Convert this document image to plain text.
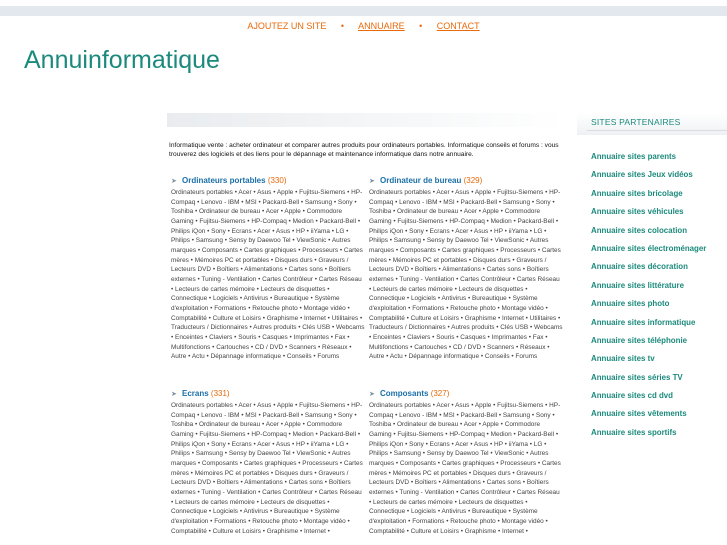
AJOUTEZ UN SITE • ANNUAIRE • CONTACT
Annuinformatique

Informatique vente : acheter ordinateur et comparer autres produits pour ordinateurs portables. Informatique conseils et forums : vous trouverez des logiciels et des liens pour le dépannage et maintenance informatique dans notre annuaire.

➤ Ordinateurs portables (330)
Ordinateurs portables • Acer • Asus • Apple • Fujitsu-Siemens • HP-Compaq • Lenovo - IBM • MSI • Packard-Bell • Samsung • Sony • Toshiba • Ordinateur de bureau • Acer • Apple • Commodore Gaming • Fujitsu-Siemens • HP-Compaq • Medion • Packard-Bell • Philips iQon • Sony • Ecrans • Acer • Asus • HP • iiYama • LG • Philips • Samsung • Sensy by Daewoo Tel • ViewSonic • Autres marques • Composants • Cartes graphiques • Processeurs • Cartes mères • Mémoires PC et portables • Disques durs • Graveurs / Lecteurs DVD • Boîtiers • Alimentations • Cartes sons • Boîtiers externes • Tuning - Ventilation • Cartes Contrôleur • Cartes Réseau • Lecteurs de cartes mémoire • Lecteurs de disquettes • Connectique • Logiciels • Antivirus • Bureautique • Système d'exploitation • Formations • Retouche photo • Montage vidéo • Comptabilité • Culture et Loisirs • Graphisme • Internet • Utilitaires • Traducteurs / Dictionnaires • Autres produits • Clés USB • Webcams • Enceintes • Claviers • Souris • Casques • Imprimantes • Fax • Multifonctions • Cartouches • CD / DVD • Scanners • Réseaux • Autre • Actu • Dépannage informatique • Conseils • Forums
➤ Ordinateur de bureau (329)
Ordinateurs portables • Acer • Asus • Apple • Fujitsu-Siemens • HP-Compaq • Lenovo - IBM • MSI • Packard-Bell • Samsung • Sony • Toshiba • Ordinateur de bureau • Acer • Apple • Commodore Gaming • Fujitsu-Siemens • HP-Compaq • Medion • Packard-Bell • Philips iQon • Sony • Ecrans • Acer • Asus • HP • iiYama • LG • Philips • Samsung • Sensy by Daewoo Tel • ViewSonic • Autres marques • Composants • Cartes graphiques • Processeurs • Cartes mères • Mémoires PC et portables • Disques durs • Graveurs / Lecteurs DVD • Boîtiers • Alimentations • Cartes sons • Boîtiers externes • Tuning - Ventilation • Cartes Contrôleur • Cartes Réseau • Lecteurs de cartes mémoire • Lecteurs de disquettes • Connectique • Logiciels • Antivirus • Bureautique • Système d'exploitation • Formations • Retouche photo • Montage vidéo • Comptabilité • Culture et Loisirs • Graphisme • Internet • Utilitaires • Traducteurs / Dictionnaires • Autres produits • Clés USB • Webcams • Enceintes • Claviers • Souris • Casques • Imprimantes • Fax • Multifonctions • Cartouches • CD / DVD • Scanners • Réseaux • Autre • Actu • Dépannage informatique • Conseils • Forums
➤ Ecrans (331)
Ordinateurs portables • Acer • Asus • Apple • Fujitsu-Siemens • HP-Compaq • Lenovo - IBM • MSI • Packard-Bell • Samsung • Sony • Toshiba • Ordinateur de bureau • Acer • Apple • Commodore Gaming • Fujitsu-Siemens • HP-Compaq • Medion • Packard-Bell • Philips iQon • Sony • Ecrans • Acer • Asus • HP • iiYama • LG • Philips • Samsung • Sensy by Daewoo Tel • ViewSonic • Autres marques • Composants • Cartes graphiques • Processeurs • Cartes mères • Mémoires PC et portables • Disques durs • Graveurs / Lecteurs DVD • Boîtiers • Alimentations • Cartes sons • Boîtiers externes • Tuning - Ventilation • Cartes Contrôleur • Cartes Réseau • Lecteurs de cartes mémoire • Lecteurs de disquettes • Connectique • Logiciels • Antivirus • Bureautique • Système d'exploitation • Formations • Retouche photo • Montage vidéo • Comptabilité • Culture et Loisirs • Graphisme • Internet •
➤ Composants (327)
Ordinateurs portables • Acer • Asus • Apple • Fujitsu-Siemens • HP-Compaq • Lenovo - IBM • MSI • Packard-Bell • Samsung • Sony • Toshiba • Ordinateur de bureau • Acer • Apple • Commodore Gaming • Fujitsu-Siemens • HP-Compaq • Medion • Packard-Bell • Philips iQon • Sony • Ecrans • Acer • Asus • HP • iiYama • LG • Philips • Samsung • Sensy by Daewoo Tel • ViewSonic • Autres marques • Composants • Cartes graphiques • Processeurs • Cartes mères • Mémoires PC et portables • Disques durs • Graveurs / Lecteurs DVD • Boîtiers • Alimentations • Cartes sons • Boîtiers externes • Tuning - Ventilation • Cartes Contrôleur • Cartes Réseau • Lecteurs de cartes mémoire • Lecteurs de disquettes • Connectique • Logiciels • Antivirus • Bureautique • Système d'exploitation • Formations • Retouche photo • Montage vidéo • Comptabilité • Culture et Loisirs • Graphisme • Internet •
SITES PARTENAIRES
Annuaire sites parents
Annuaire sites Jeux vidéos
Annuaire sites bricolage
Annuaire sites véhicules
Annuaire sites colocation
Annuaire sites électroménager
Annuaire sites décoration
Annuaire sites littérature
Annuaire sites photo
Annuaire sites informatique
Annuaire sites téléphonie
Annuaire sites tv
Annuaire sites séries TV
Annuaire sites cd dvd
Annuaire sites vêtements
Annuaire sites sportifs
